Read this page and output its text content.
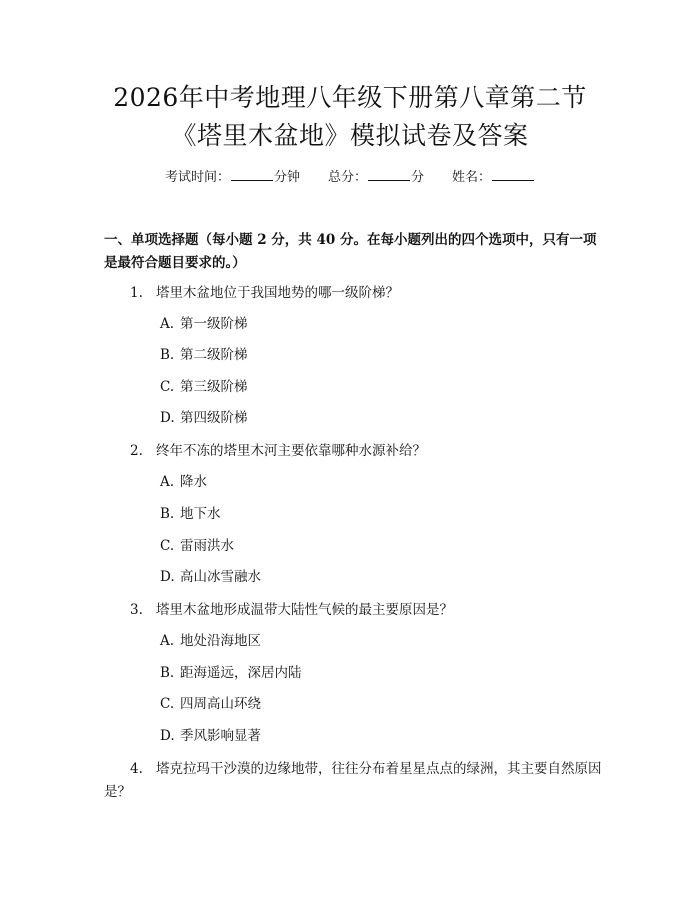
2026年中考地理八年级下册第八章第二节
《塔里木盆地》模拟试卷及答案
考试时间：	分钟 总分：	分 姓名：
一、单项选择题（每小题 2 分，共 40 分。在每小题列出的四个选项中，只有一项是最符合题目要求的。）
1. 塔里木盆地位于我国地势的哪一级阶梯？
A. 第一级阶梯
B. 第二级阶梯
C. 第三级阶梯
D. 第四级阶梯
2. 终年不冻的塔里木河主要依靠哪种水源补给？
A. 降水
B. 地下水
C. 雷雨洪水
D. 高山冰雪融水
3. 塔里木盆地形成温带大陆性气候的最主要原因是？
A. 地处沿海地区
B. 距海遥远，深居内陆
C. 四周高山环绕
D. 季风影响显著
4. 塔克拉玛干沙漠的边缘地带，往往分布着星星点点的绿洲，其主要自然原因是？
